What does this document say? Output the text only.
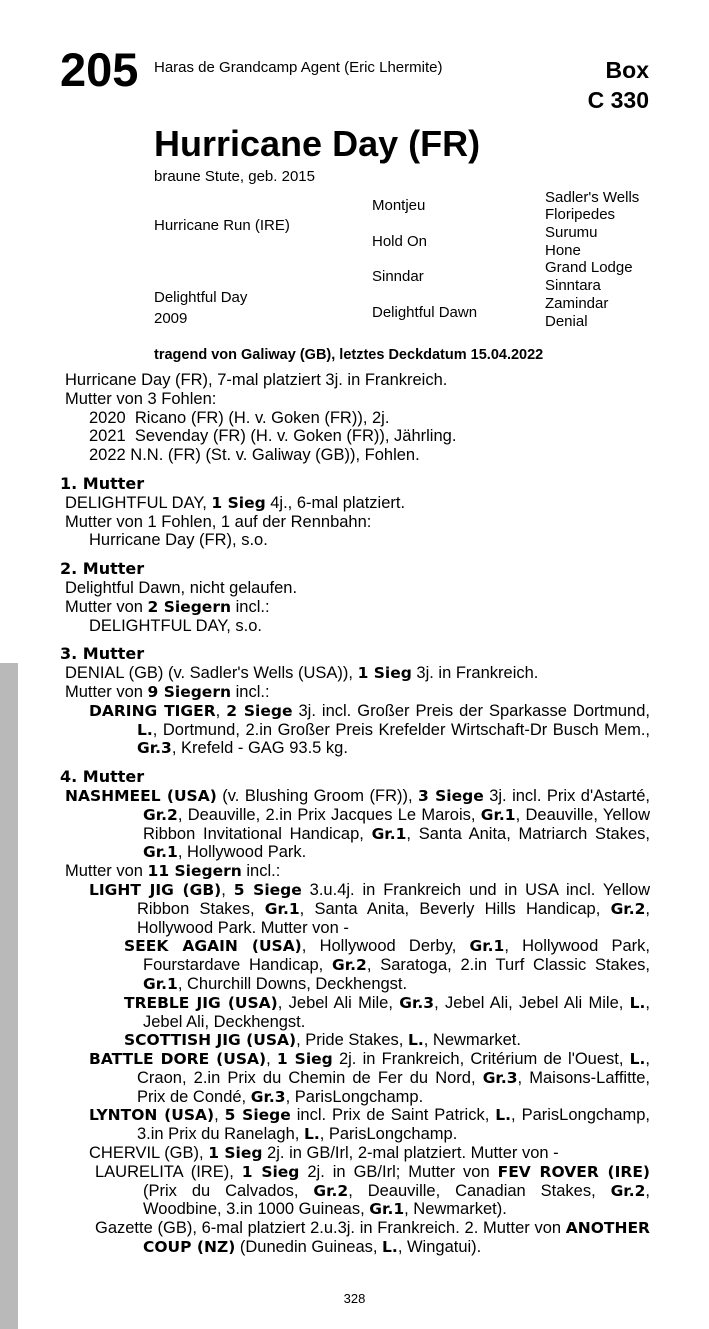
205 Haras de Grandcamp Agent (Eric Lhermite)	Box
C 330
Hurricane Day (FR)
braune Stute, geb. 2015
Hurricane Run (IRE)
Delightful Day
2009
Montjeu
Hold On
Sinndar
Delightful Dawn
Sadler's Wells
Floripedes
Surumu
Hone
Grand Lodge
Sinntara
Zamindar
Denial
tragend von Galiway (GB), letztes Deckdatum 15.04.2022

Hurricane Day (FR), 7-mal platziert 3j. in Frankreich.

Mutter von 3 Fohlen:

2020  Ricano (FR) (H. v. Goken (FR)), 2j.

2021  Sevenday (FR) (H. v. Goken (FR)), Jährling.

2022 N.N. (FR) (St. v. Galiway (GB)), Fohlen.

1. Mutter

DELIGHTFUL DAY, 1 Sieg 4j., 6-mal platziert.

Mutter von 1 Fohlen, 1 auf der Rennbahn:

Hurricane Day (FR), s.o.

2. Mutter

Delightful Dawn, nicht gelaufen.

Mutter von 2 Siegern incl.:

DELIGHTFUL DAY, s.o.

3. Mutter

DENIAL (GB) (v. Sadler's Wells (USA)), 1 Sieg 3j. in Frankreich.

Mutter von 9 Siegern incl.:

DARING TIGER, 2 Siege 3j. incl. Großer Preis der Sparkasse Dortmund, L., Dortmund, 2.in Großer Preis Krefelder Wirtschaft-Dr Busch Mem., Gr.3, Krefeld - GAG 93.5 kg.

4. Mutter

NASHMEEL (USA) (v. Blushing Groom (FR)), 3 Siege 3j. incl. Prix d'Astarté, Gr.2, Deauville, 2.in Prix Jacques Le Marois, Gr.1, Deauville, Yellow Ribbon Invitational Handicap, Gr.1, Santa Anita, Matriarch Stakes, Gr.1, Hollywood Park.

Mutter von 11 Siegern incl.:

LIGHT JIG (GB), 5 Siege 3.u.4j. in Frankreich und in USA incl. Yellow Ribbon Stakes, Gr.1, Santa Anita, Beverly Hills Handicap, Gr.2, Hollywood Park. Mutter von -

SEEK AGAIN (USA), Hollywood Derby, Gr.1, Hollywood Park, Fourstardave Handicap, Gr.2, Saratoga, 2.in Turf Classic Stakes, Gr.1, Churchill Downs, Deckhengst.

TREBLE JIG (USA), Jebel Ali Mile, Gr.3, Jebel Ali, Jebel Ali Mile, L., Jebel Ali, Deckhengst.

SCOTTISH JIG (USA), Pride Stakes, L., Newmarket.

BATTLE DORE (USA), 1 Sieg 2j. in Frankreich, Critérium de l'Ouest, L., Craon, 2.in Prix du Chemin de Fer du Nord, Gr.3, Maisons-Laffitte, Prix de Condé, Gr.3, ParisLongchamp.

LYNTON (USA), 5 Siege incl. Prix de Saint Patrick, L., ParisLongchamp, 3.in Prix du Ranelagh, L., ParisLongchamp.

CHERVIL (GB), 1 Sieg 2j. in GB/Irl, 2-mal platziert. Mutter von -

LAURELITA (IRE), 1 Sieg 2j. in GB/Irl; Mutter von FEV ROVER (IRE) (Prix du Calvados, Gr.2, Deauville, Canadian Stakes, Gr.2, Woodbine, 3.in 1000 Guineas, Gr.1, Newmarket).

Gazette (GB), 6-mal platziert 2.u.3j. in Frankreich. 2. Mutter von ANOTHER COUP (NZ) (Dunedin Guineas, L., Wingatui).

328
